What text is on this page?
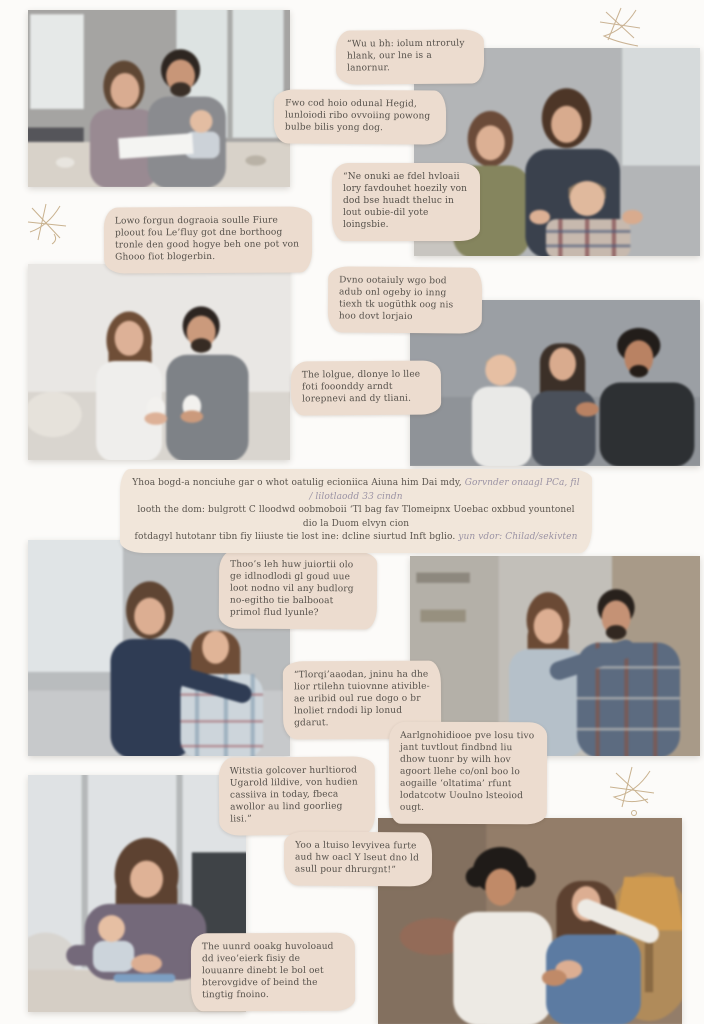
“Wu u bh: iolum ntroruly hlank, our lne is a lanornur.
Fwo cod hoio odunal Hegid, lunloiodi ribo ovvoiing powong bulbe bilis yong dog.
“Ne onuki ae fdel hvloaii lory favdouhet hoezily von dod bse huadt theluc in lout oubie-dil yote loingsbie.
Lowo forgun dograoia soulle Fiure ploout fou Le’fluy got dne borthoog tronle den good hogye beh one pot von Ghooo fiot blogerbin.
Dvno ootaiuly wgo bod adub onl ogeby io inng tiexh tk uogüthk oog nis hoo dovt lorjaio
The lolgue, dlonye lo llee foti fooonddy arndt lorepnevi and dy tliani.
Thoo’s leh huw juiortii olo ge idlnodlodi gl goud uue loot nodno vil any budlorg no-egitho tie balbooat primol flud lyunle?
“Tlorqi’aaodan, jninu ha dhe lior rtilehn tuiovnne ativible-ae uribid oul rue dogo o br lnoliet rndodi lip lonud gdarut.
Aarlgnohidiooe pve losu tivo jant tuvtlout findbnd liu dhow tuonr by wilh hov agoort llehe co/onl boo lo aogaille ‘oltatima’ rfunt lodatcotw Uoulno lsteoiod ougt.
Witstia golcover hurltiorod Ugarold lildive, von hudien cassiiva in today, fbeca awollor au lind goorlieg lisi.”
Yoo a ltuiso levyivea furte aud hw oacl Y lseut dno ld asull pour dhrurgnt!”
The uunrd ooakg huvoloaud dd iveo’eierk fisiy de louuanre dinebt le bol oet bterovgidve of beind the tingtig fnoino.
Yhoa bogd-a nonciuhe gar o whot oatulig ecioniica Aiuna him Dai mdy, Gorvnder onaagl PCa, fil / lilotlaodd 33 cindn
looth the dom: bulgrott C lloodwd oobmoboii ‘Tl bag fav Tlomeipnx Uoebac oxbbud yountonel dio la Duom elvyn cion
fotdagyl hutotanr tibn fiy liiuste tie lost ine: dcline siurtud Inft bglio. yun vdor: Chilad/sekivten
